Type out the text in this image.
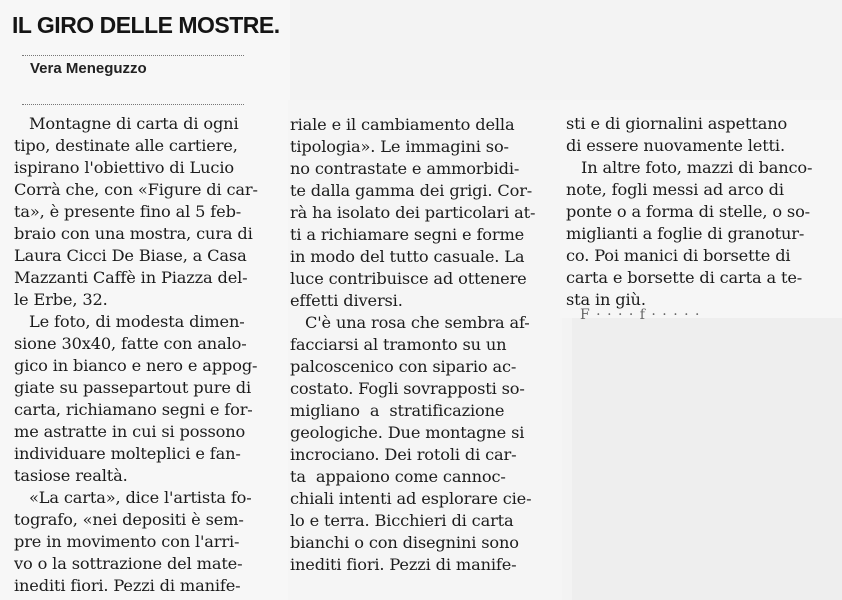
IL GIRO DELLE MOSTRE.
Vera Meneguzzo
Montagne di carta di ogni
tipo, destinate alle cartiere,
ispirano l'obiettivo di Lucio
Corrà che, con «Figure di car-
ta», è presente fino al 5 feb-
braio con una mostra, cura di
Laura Cicci De Biase, a Casa
Mazzanti Caffè in Piazza del-
le Erbe, 32.
Le foto, di modesta dimen-
sione 30x40, fatte con analo-
gico in bianco e nero e appog-
giate su passepartout pure di
carta, richiamano segni e for-
me astratte in cui si possono
individuare molteplici e fan-
tasiose realtà.
«La carta», dice l'artista fo-
tografo, «nei depositi è sem-
pre in movimento con l'arri-
vo o la sottrazione del mate-
inediti fiori. Pezzi di manife-
riale e il cambiamento della
tipologia». Le immagini so-
no contrastate e ammorbidi-
te dalla gamma dei grigi. Cor-
rà ha isolato dei particolari at-
ti a richiamare segni e forme
in modo del tutto casuale. La
luce contribuisce ad ottenere
effetti diversi.
C'è una rosa che sembra af-
facciarsi al tramonto su un
palcoscenico con sipario ac-
costato. Fogli sovrapposti so-
migliano  a  stratificazione
geologiche. Due montagne si
incrociano. Dei rotoli di car-
ta  appaiono come cannoc-
chiali intenti ad esplorare cie-
lo e terra. Bicchieri di carta
bianchi o con disegnini sono
inediti fiori. Pezzi di manife-
sti e di giornalini aspettano
di essere nuovamente letti.
In altre foto, mazzi di banco-
note, fogli messi ad arco di
ponte o a forma di stelle, o so-
miglianti a foglie di granotur-
co. Poi manici di borsette di
carta e borsette di carta a te-
sta in giù.
F · · · · f · · · · ·
